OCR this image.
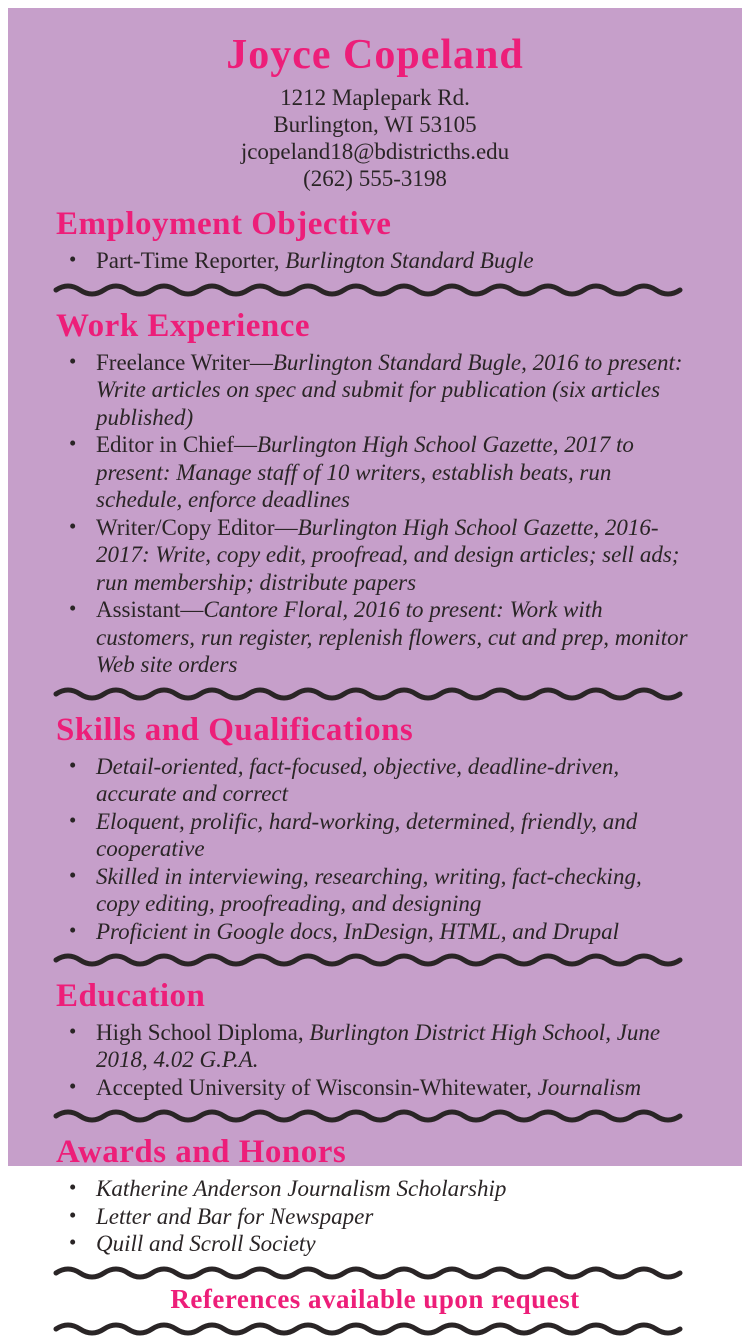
Joyce Copeland
1212 Maplepark Rd.
Burlington, WI 53105
jcopeland18@bdistricths.edu
(262) 555-3198
Employment Objective
• Part-Time Reporter, Burlington Standard Bugle
Work Experience
• Freelance Writer—Burlington Standard Bugle, 2016 to present: Write articles on spec and submit for publication (six articles published)
• Editor in Chief—Burlington High School Gazette, 2017 to present: Manage staff of 10 writers, establish beats, run schedule, enforce deadlines
• Writer/Copy Editor—Burlington High School Gazette, 2016-2017: Write, copy edit, proofread, and design articles; sell ads; run membership; distribute papers
• Assistant—Cantore Floral, 2016 to present: Work with customers, run register, replenish flowers, cut and prep, monitor Web site orders
Skills and Qualifications
• Detail-oriented, fact-focused, objective, deadline-driven, accurate and correct
• Eloquent, prolific, hard-working, determined, friendly, and cooperative
• Skilled in interviewing, researching, writing, fact-checking, copy editing, proofreading, and designing
• Proficient in Google docs, InDesign, HTML, and Drupal
Education
• High School Diploma, Burlington District High School, June 2018, 4.02 G.P.A.
• Accepted University of Wisconsin-Whitewater, Journalism
Awards and Honors
• Katherine Anderson Journalism Scholarship
• Letter and Bar for Newspaper
• Quill and Scroll Society
References available upon request
